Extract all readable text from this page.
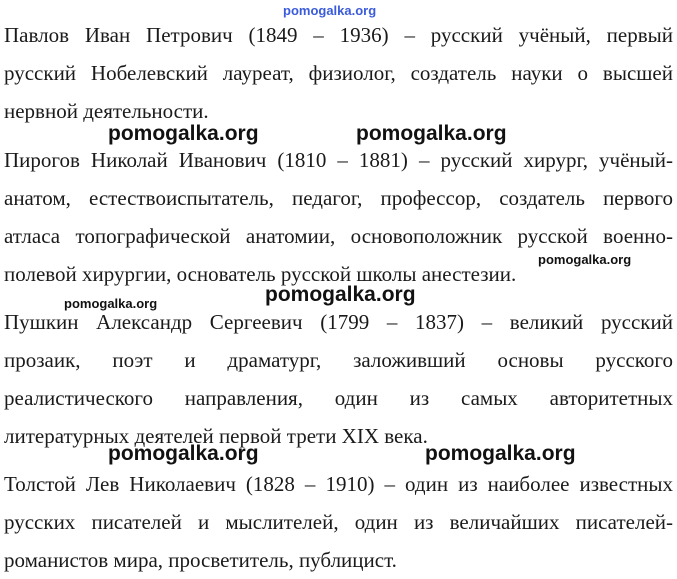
pomogalka.org
pomogalka.org	pomogalka.org
pomogalka.org
pomogalka.org
pomogalka.org
pomogalka.org	pomogalka.org
Павлов Иван Петрович (1849 – 1936) – русский учёный, первый
русский Нобелевский лауреат, физиолог, создатель науки о высшей
нервной деятельности.
Пирогов Николай Иванович (1810 – 1881) – русский хирург, учёный-
анатом, естествоиспытатель, педагог, профессор, создатель первого
атласа топографической анатомии, основоположник русской военно-
полевой хирургии, основатель русской школы анестезии.
Пушкин Александр Сергеевич (1799 – 1837) – великий русский
прозаик, поэт и драматург, заложивший основы русского
реалистического направления, один из самых авторитетных
литературных деятелей первой трети XIX века.
Толстой Лев Николаевич (1828 – 1910) – один из наиболее известных
русских писателей и мыслителей, один из величайших писателей-
романистов мира, просветитель, публицист.
